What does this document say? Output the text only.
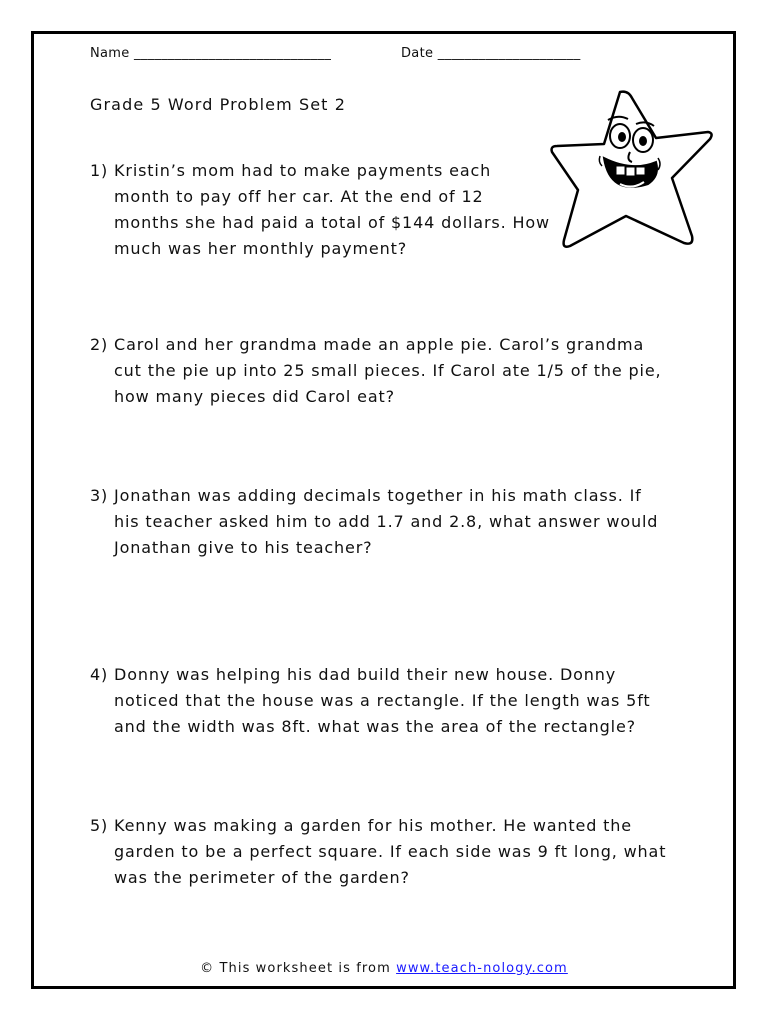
Name _____________________________	Date _____________________
Grade 5 Word Problem Set 2

1) Kristin’s mom had to make payments each
month to pay off her car. At the end of 12
months she had paid a total of $144 dollars. How
much was her monthly payment?

2) Carol and her grandma made an apple pie. Carol’s grandma
cut the pie up into 25 small pieces. If Carol ate 1/5 of the pie,
how many pieces did Carol eat?

3) Jonathan was adding decimals together in his math class. If
his teacher asked him to add 1.7 and 2.8, what answer would
Jonathan give to his teacher?

4) Donny was helping his dad build their new house. Donny
noticed that the house was a rectangle. If the length was 5ft
and the width was 8ft. what was the area of the rectangle?

5) Kenny was making a garden for his mother. He wanted the
garden to be a perfect square. If each side was 9 ft long, what
was the perimeter of the garden?

© This worksheet is from www.teach-nology.com
